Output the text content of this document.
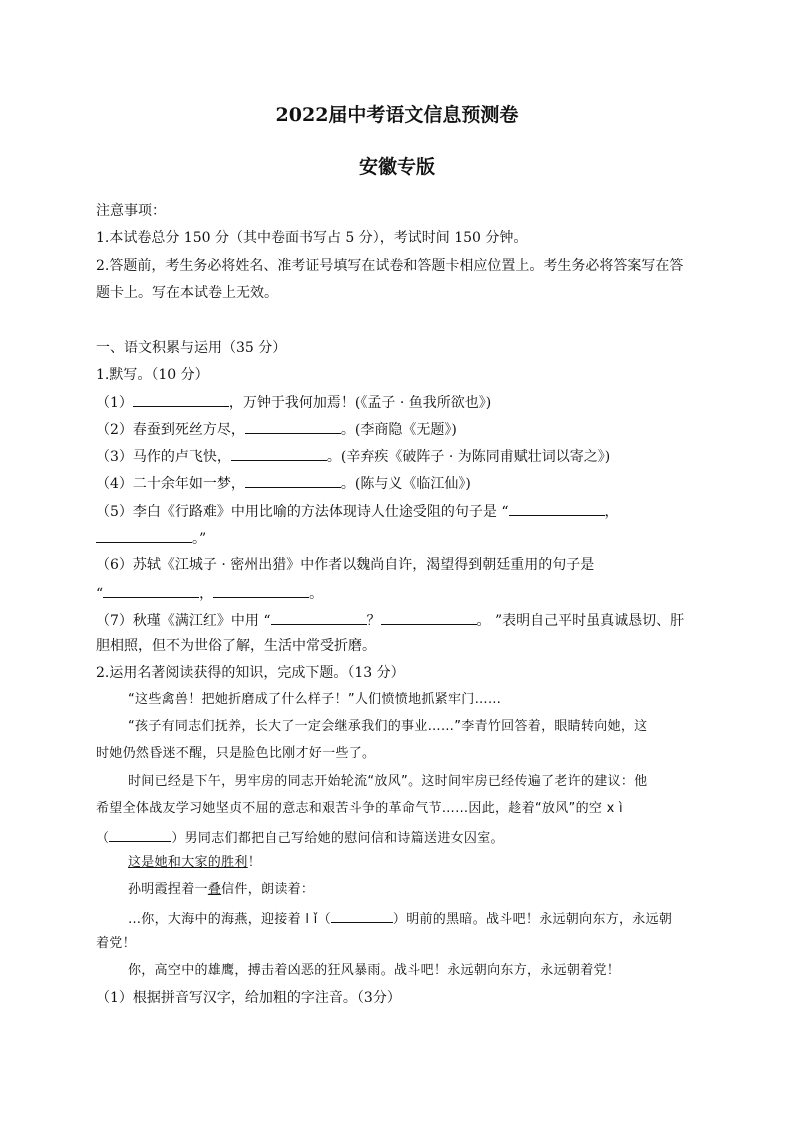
2022届中考语文信息预测卷
安徽专版
注意事项：
1.本试卷总分 150 分（其中卷面书写占 5 分），考试时间 150 分钟。
2.答题前，考生务必将姓名、准考证号填写在试卷和答题卡相应位置上。考生务必将答案写在答
题卡上。写在本试卷上无效。
一、语文积累与运用（35 分）
1.默写。（10 分）
（1）	，万钟于我何加焉！(《孟子 · 鱼我所欲也》)
（2）春蚕到死丝方尽，	。(李商隐《无题》)
（3）马作的卢飞快，	。(辛弃疾《破阵子 · 为陈同甫赋壮词以寄之》)
（4）二十余年如一梦，	。(陈与义《临江仙》)
（5）李白《行路难》中用比喻的方法体现诗人仕途受阻的句子是 “	，
。”
（6）苏轼《江城子 · 密州出猎》中作者以魏尚自许，渴望得到朝廷重用的句子是
“	，	。
（7）秋瑾《满江红》中用 “	？	。 ”表明自己平时虽真诚恳切、肝
胆相照，但不为世俗了解，生活中常受折磨。
2.运用名著阅读获得的知识，完成下题。（13 分）
“这些禽兽！把她折磨成了什么样子！”人们愤愤地抓紧牢门……
“孩子有同志们抚养，长大了一定会继承我们的事业……”李青竹回答着，眼睛转向她，这
时她仍然昏迷不醒，只是脸色比刚才好一些了。
时间已经是下午，男牢房的同志开始轮流“放风”。这时间牢房已经传遍了老许的建议：他
希望全体战友学习她坚贞不屈的意志和艰苦斗争的革命气节……因此，趁着“放风”的空 x ì
（	）男同志们都把自己写给她的慰问信和诗篇送进女囚室。
这是她和大家的胜利！
孙明霞捏着一叠信件，朗读着：
…你，大海中的海燕，迎接着 l ǐ（	）明前的黑暗。战斗吧！永远朝向东方，永远朝
着党！
你，高空中的雄鹰，搏击着凶恶的狂风暴雨。战斗吧！永远朝向东方，永远朝着党！
（1）根据拼音写汉字，给加粗的字注音。（3分）
